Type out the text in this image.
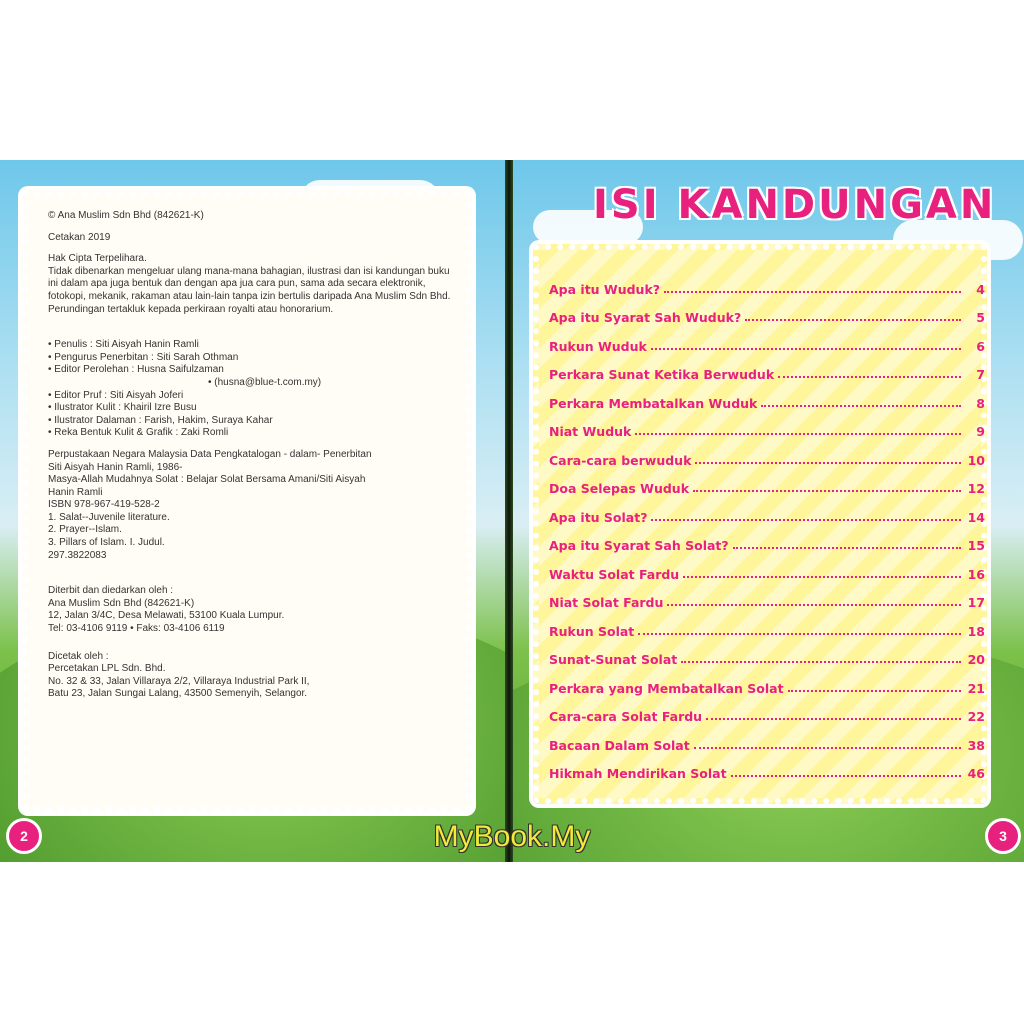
© Ana Muslim Sdn Bhd (842621-K)

Cetakan 2019

Hak Cipta Terpelihara.
Tidak dibenarkan mengeluar ulang mana-mana bahagian, ilustrasi dan isi kandungan buku ini dalam apa juga bentuk dan dengan apa jua cara pun, sama ada secara elektronik, fotokopi, mekanik, rakaman atau lain-lain tanpa izin bertulis daripada Ana Muslim Sdn Bhd. Perundingan tertakluk kepada perkiraan royalti atau honorarium.

• Penulis : Siti Aisyah Hanin Ramli
• Pengurus Penerbitan : Siti Sarah Othman
• Editor Perolehan : Husna Saifulzaman
• (husna@blue-t.com.my)
• Editor Pruf : Siti Aisyah Joferi
• Ilustrator Kulit : Khairil Izre Busu
• Ilustrator Dalaman : Farish, Hakim, Suraya Kahar
• Reka Bentuk Kulit & Grafik : Zaki Romli

Perpustakaan Negara Malaysia Data Pengkatalogan - dalam- Penerbitan
Siti Aisyah Hanin Ramli, 1986-
Masya-Allah Mudahnya Solat : Belajar Solat Bersama Amani/Siti Aisyah
Hanin Ramli
ISBN 978-967-419-528-2
1. Salat--Juvenile literature.
2. Prayer--Islam.
3. Pillars of Islam. I. Judul.
297.3822083

Diterbit dan diedarkan oleh :
Ana Muslim Sdn Bhd (842621-K)
12, Jalan 3/4C, Desa Melawati, 53100 Kuala Lumpur.
Tel: 03-4106 9119 • Faks: 03-4106 6119

Dicetak oleh :
Percetakan LPL Sdn. Bhd.
No. 32 & 33, Jalan Villaraya 2/2, Villaraya Industrial Park II,
Batu 23, Jalan Sungai Lalang, 43500 Semenyih, Selangor.

2
ISI KANDUNGAN
Apa itu Wuduk?	4
Apa itu Syarat Sah Wuduk?	5
Rukun Wuduk	6
Perkara Sunat Ketika Berwuduk	7
Perkara Membatalkan Wuduk	8
Niat Wuduk	9
Cara-cara berwuduk	10
Doa Selepas Wuduk	12
Apa itu Solat?	14
Apa itu Syarat Sah Solat?	15
Waktu Solat Fardu	16
Niat Solat Fardu	17
Rukun Solat	18
Sunat-Sunat Solat	20
Perkara yang Membatalkan Solat	21
Cara-cara Solat Fardu	22
Bacaan Dalam Solat	38
Hikmah Mendirikan Solat	46
3
MyBook.My
